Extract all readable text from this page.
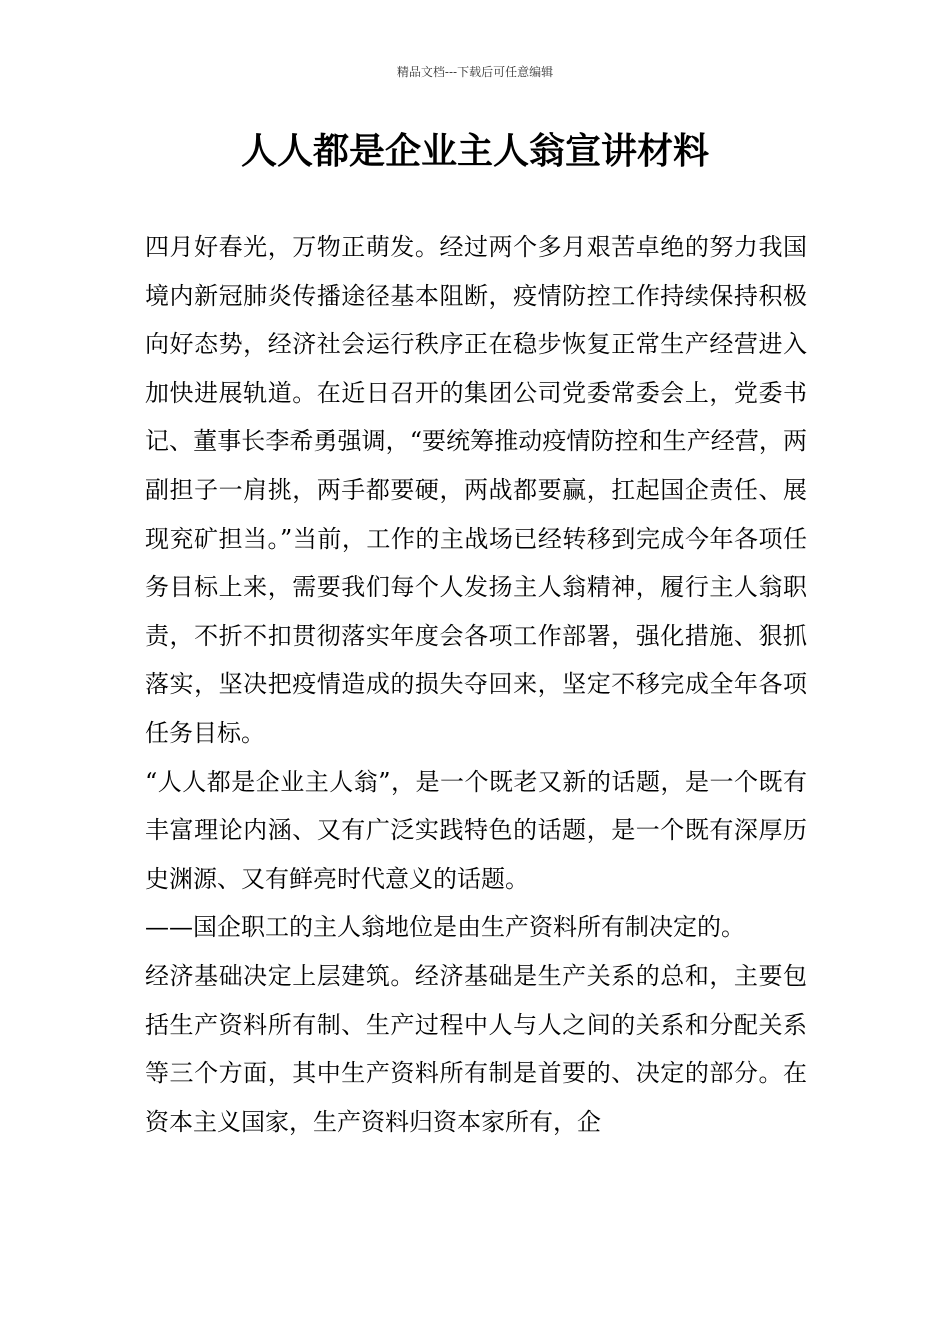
精品文档---下载后可任意编辑
人人都是企业主人翁宣讲材料

四月好春光，万物正萌发。经过两个多月艰苦卓绝的努力我国境内新冠肺炎传播途径基本阻断，疫情防控工作持续保持积极向好态势，经济社会运行秩序正在稳步恢复正常生产经营进入加快进展轨道。在近日召开的集团公司党委常委会上，党委书记、董事长李希勇强调，“要统筹推动疫情防控和生产经营，两副担子一肩挑，两手都要硬，两战都要赢，扛起国企责任、展现兖矿担当。”当前，工作的主战场已经转移到完成今年各项任务目标上来，需要我们每个人发扬主人翁精神，履行主人翁职责，不折不扣贯彻落实年度会各项工作部署，强化措施、狠抓落实，坚决把疫情造成的损失夺回来，坚定不移完成全年各项任务目标。

“人人都是企业主人翁”，是一个既老又新的话题，是一个既有丰富理论内涵、又有广泛实践特色的话题，是一个既有深厚历史渊源、又有鲜亮时代意义的话题。

——国企职工的主人翁地位是由生产资料所有制决定的。

经济基础决定上层建筑。经济基础是生产关系的总和，主要包括生产资料所有制、生产过程中人与人之间的关系和分配关系等三个方面，其中生产资料所有制是首要的、决定的部分。在资本主义国家，生产资料归资本家所有，企
